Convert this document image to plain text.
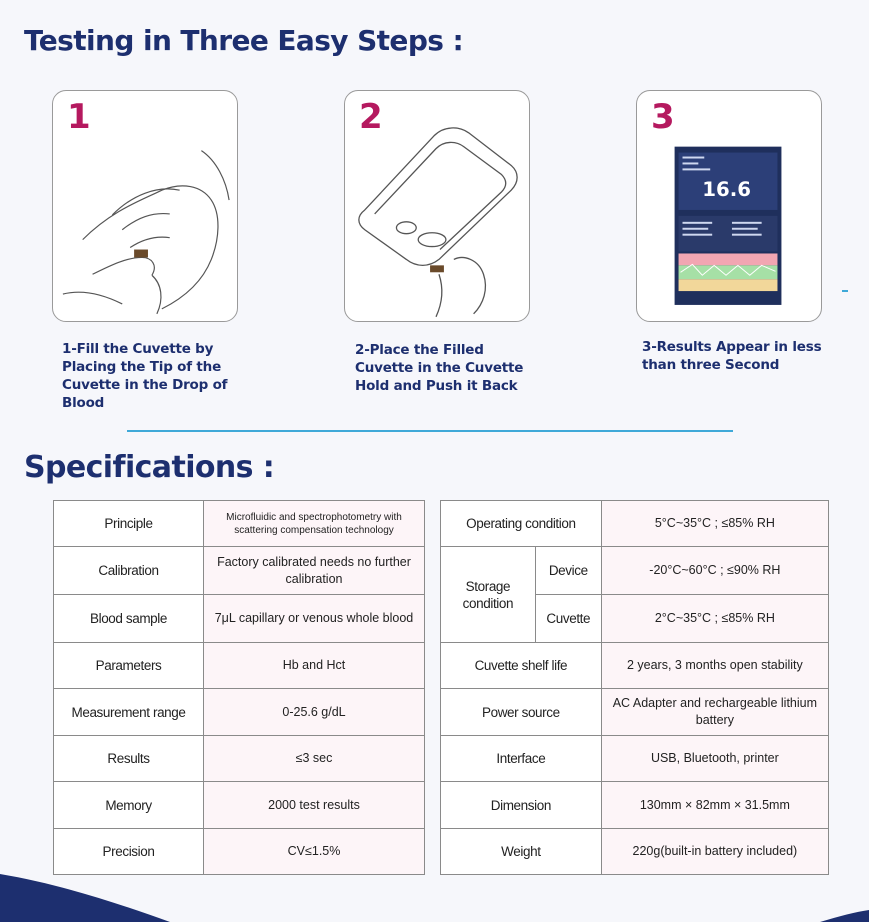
Testing in Three Easy Steps :
1	2
16.6
3
1-Fill the Cuvette by Placing the Tip of the Cuvette in the Drop of Blood
2-Place the Filled Cuvette in the Cuvette Hold and Push it Back
3-Results Appear in less than three Second
Specifications :
Principle	Microfluidic and spectrophotometry with scattering compensation technology
Calibration	Factory calibrated needs no further calibration
Blood sample	7μL capillary or venous whole blood
Parameters	Hb and Hct
Measurement range	0-25.6 g/dL
Results	≤3 sec
Memory	2000 test results
Precision	CV≤1.5%
Operating condition		5°C~35°C ; ≤85% RH
Storage condition	Device	-20°C~60°C ; ≤90% RH
	Cuvette	2°C~35°C ; ≤85% RH
Cuvette shelf life		2 years, 3 months open stability
Power source		AC Adapter and rechargeable lithium battery
Interface		USB, Bluetooth, printer
Dimension		130mm × 82mm × 31.5mm
Weight		220g(built-in battery included)
